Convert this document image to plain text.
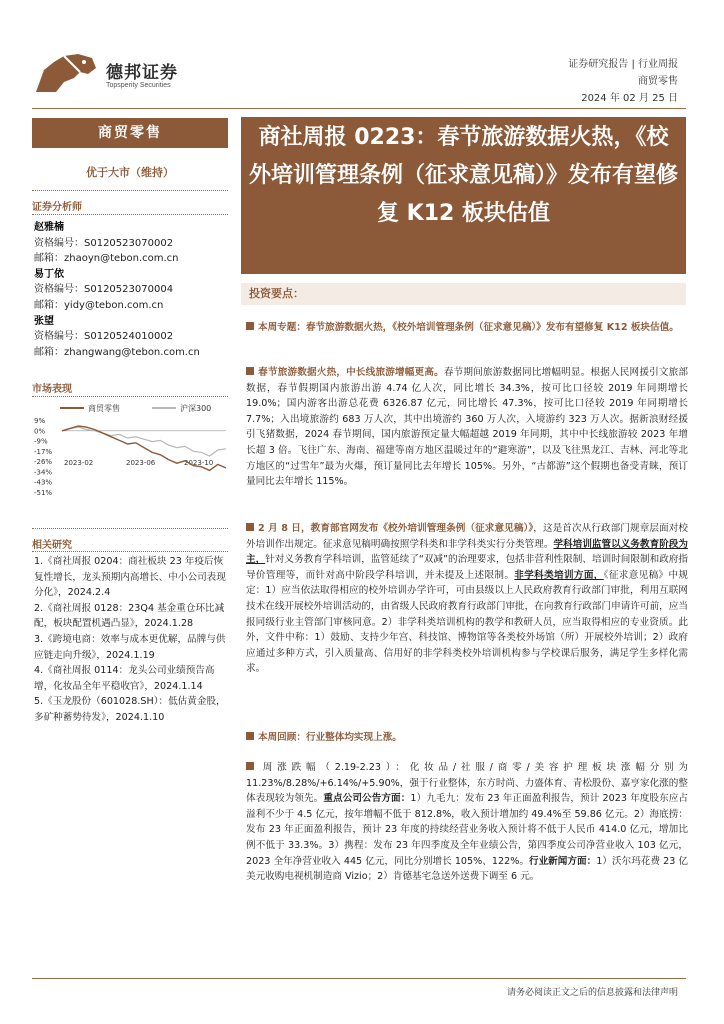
德邦证券
Topsperity Securities
证券研究报告 | 行业周报
商贸零售
2024 年 02 月 25 日
商贸零售
优于大市（维持）
证券分析师
赵雅楠
资格编号：S0120523070002
邮箱：zhaoyn@tebon.com.cn
易丁依
资格编号：S0120523070004
邮箱：yidy@tebon.com.cn
张望
资格编号：S0120524010002
邮箱：zhangwang@tebon.com.cn
市场表现
商贸零售	沪深300
9%
0%
-9%
-17%
-26%
-34%
-43%
-51%
2023-02	2023-06	2023-10
相关研究
1.《商社周报 0204：商社板块 23 年疫后恢复性增长，龙头预期内高增长、中小公司表现分化》，2024.2.4
2.《商社周报 0128：23Q4 基金重仓环比减配，板块配置机遇凸显》，2024.1.28
3.《跨境电商：效率与成本更优解，品牌与供应链走向升级》，2024.1.19
4.《商社周报 0114：龙头公司业绩预告高增，化妆品全年平稳收官》，2024.1.14
5.《玉龙股份（601028.SH）：低估黄金股，多矿种蓄势待发》，2024.1.10
商社周报 0223：春节旅游数据火热，《校外培训管理条例（征求意见稿）》发布有望修复 K12 板块估值
投资要点：
本周专题：春节旅游数据火热，《校外培训管理条例（征求意见稿）》发布有望修复 K12 板块估值。
春节旅游数据火热，中长线旅游增幅更高。春节期间旅游数据同比增幅明显。根据人民网援引文旅部数据，春节假期国内旅游出游 4.74 亿人次，同比增长 34.3%，按可比口径较 2019 年同期增长 19.0%；国内游客出游总花费 6326.87 亿元，同比增长 47.3%，按可比口径较 2019 年同期增长 7.7%；入出境旅游约 683 万人次，其中出境游约 360 万人次，入境游约 323 万人次。据新浪财经援引飞猪数据，2024 春节期间，国内旅游预定量大幅超越 2019 年同期，其中中长线旅游较 2023 年增长超 3 倍。飞往广东、海南、福建等南方地区温暖过年的“避寒游”，以及飞往黑龙江、吉林、河北等北方地区的“过雪年”最为火爆，预订量同比去年增长 105%。另外，“古都游”这个假期也备受青睐，预订量同比去年增长 115%。
2 月 8 日，教育部官网发布《校外培训管理条例（征求意见稿）》，这是首次从行政部门规章层面对校外培训作出规定。征求意见稿明确按照学科类和非学科类实行分类管理。学科培训监管以义务教育阶段为主，针对义务教育学科培训，监管延续了“双减”的治理要求，包括非营利性限制、培训时间限制和政府指导价管理等，而针对高中阶段学科培训，并未提及上述限制。非学科类培训方面，《征求意见稿》中规定：1）应当依法取得相应的校外培训办学许可，可由县级以上人民政府教育行政部门审批，利用互联网技术在线开展校外培训活动的，由省级人民政府教育行政部门审批，在向教育行政部门申请许可前，应当报同级行业主管部门审核同意。2）非学科类培训机构的教学和教研人员，应当取得相应的专业资质。此外，文件中称：1）鼓励、支持少年宫、科技馆、博物馆等各类校外场馆（所）开展校外培训；2）政府应通过多种方式，引入质量高、信用好的非学科类校外培训机构参与学校课后服务，满足学生多样化需求。
本周回顾：行业整体均实现上涨。
周涨跌幅（2.19-2.23）：化妆品/社服/商零/美容护理板块涨幅分别为 11.23%/8.28%/+6.14%/+5.90%，强于行业整体，东方时尚、力盛体育、青松股份、嘉亨家化涨的整体表现较为领先。重点公司公告方面：1）九毛九：发布 23 年正面盈利报告，预计 2023 年度股东应占溢利不少于 4.5 亿元，按年增幅不低于 812.8%，收入预计增加约 49.4%至 59.86 亿元。2）海底捞：发布 23 年正面盈利报告，预计 23 年度的持续经营业务收入预计将不低于人民币 414.0 亿元，增加比例不低于 33.3%。3）携程：发布 23 年四季度及全年业绩公告，第四季度公司净营业收入 103 亿元，2023 全年净营业收入 445 亿元，同比分别增长 105%、122%。行业新闻方面：1）沃尔玛花费 23 亿美元收购电视机制造商 Vizio；2）肯德基宅急送外送费下调至 6 元。
请务必阅读正文之后的信息披露和法律声明
